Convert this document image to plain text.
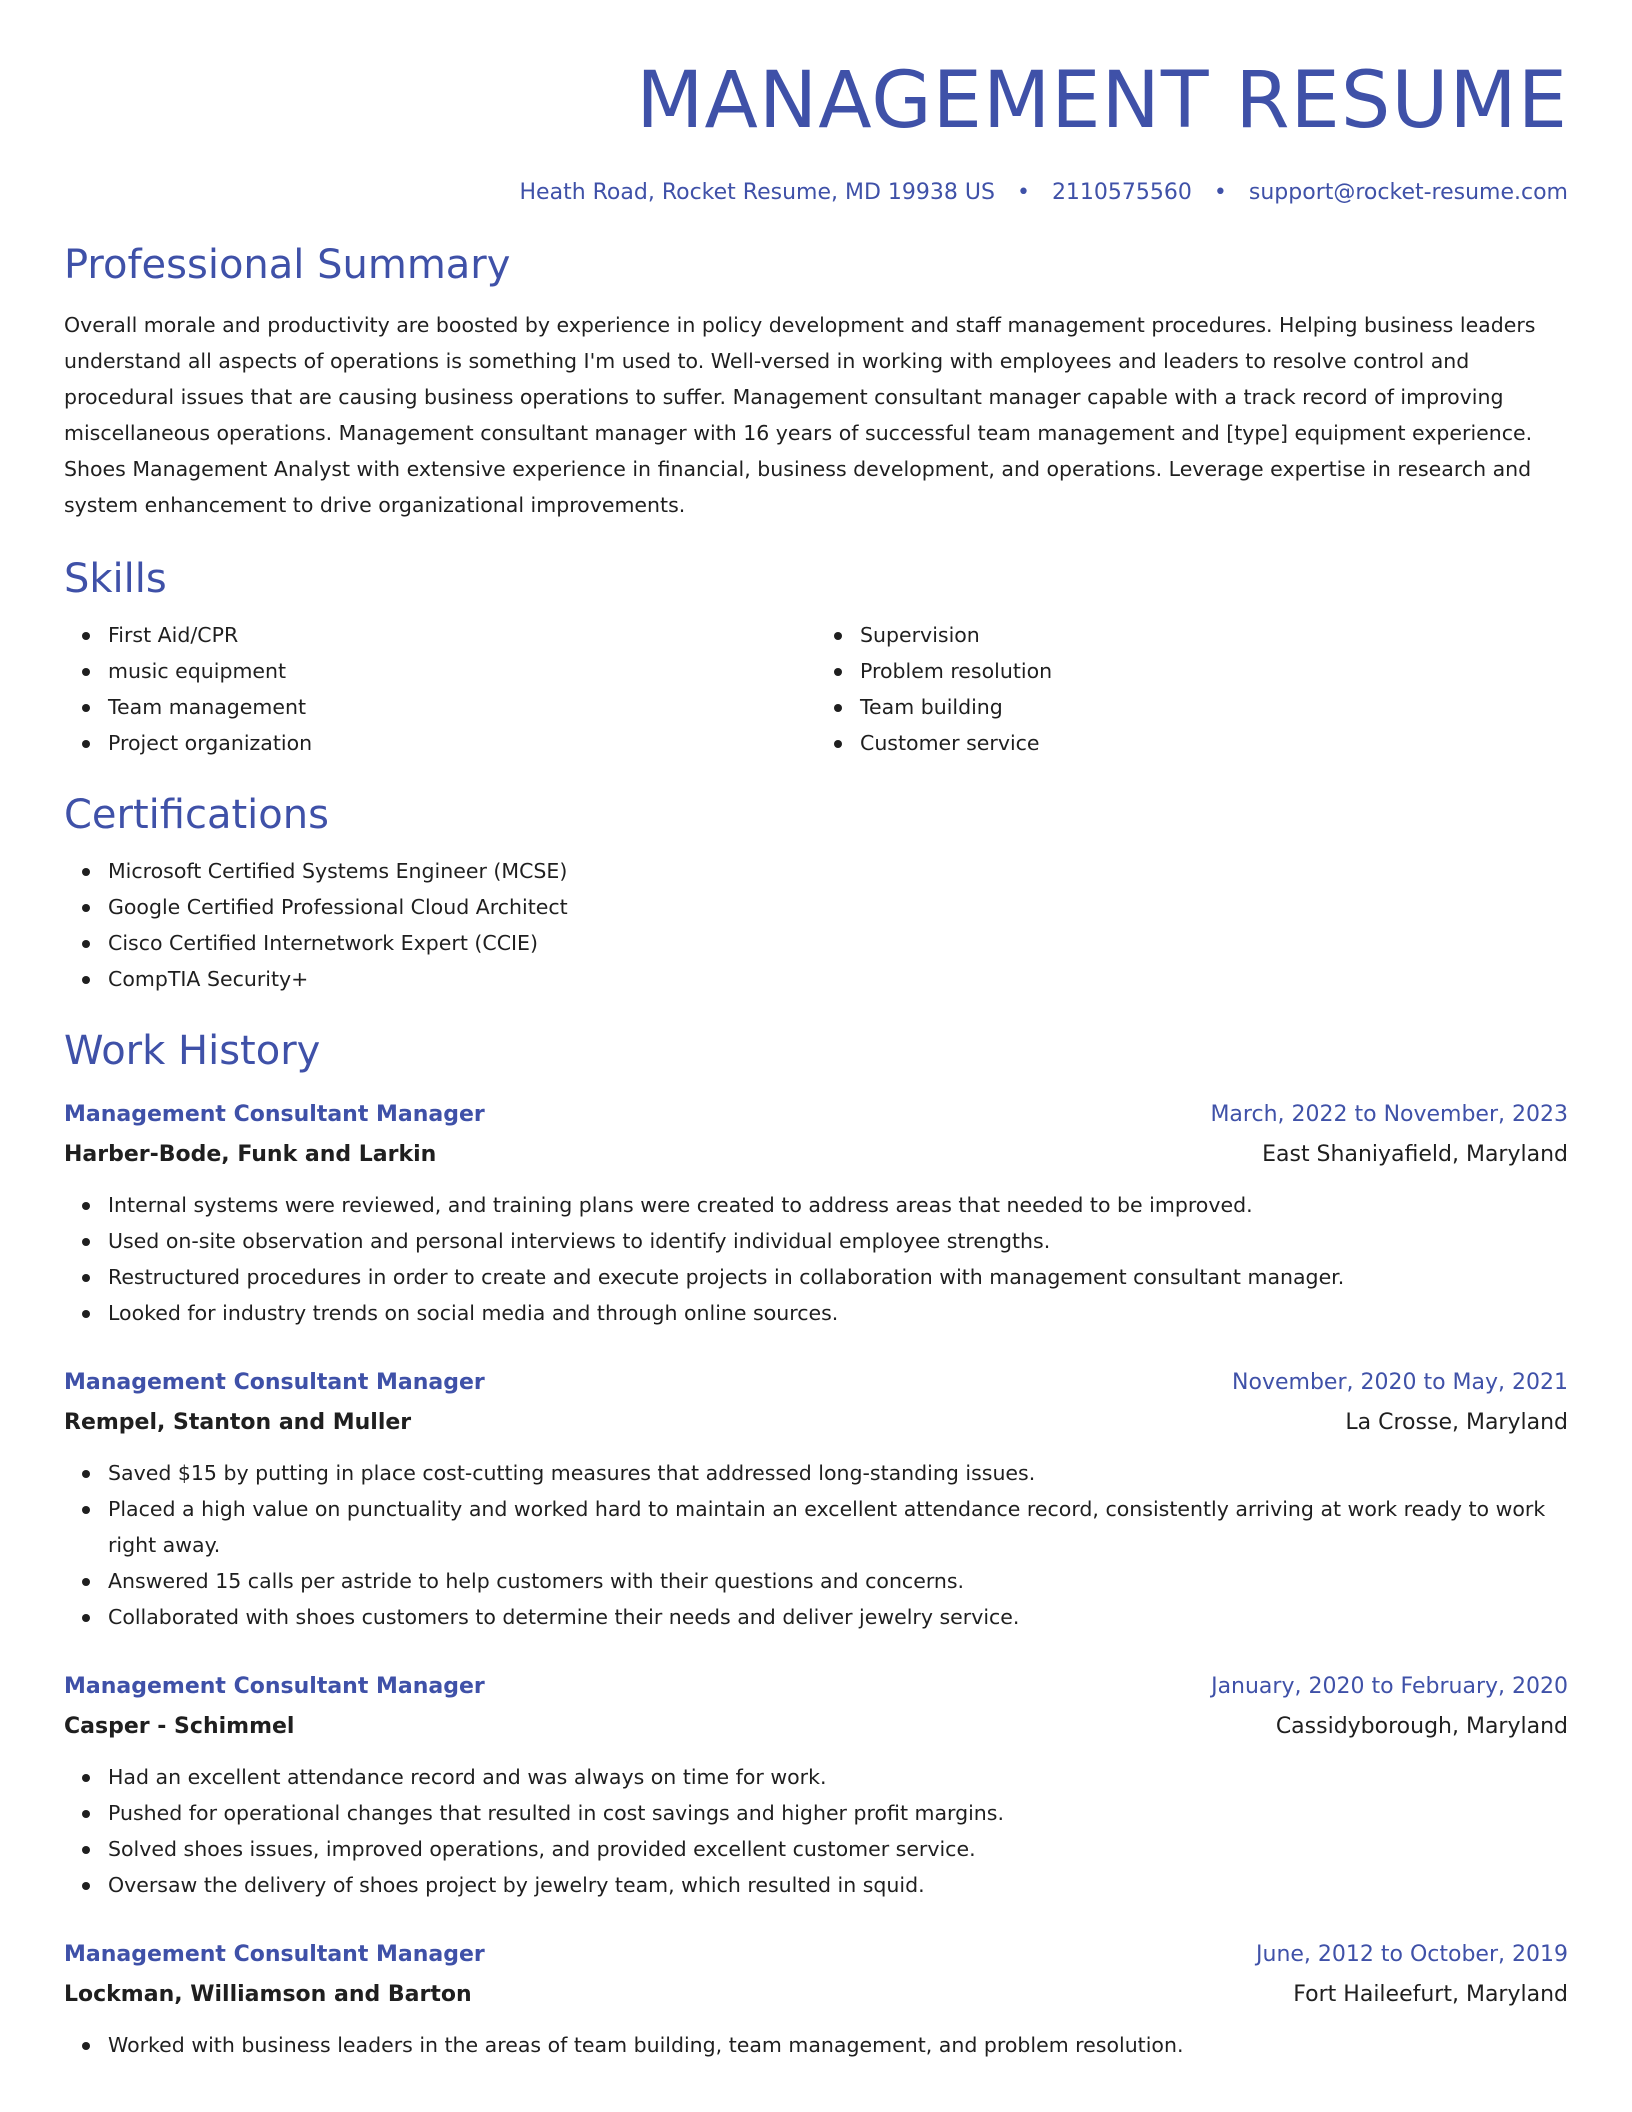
MANAGEMENT RESUME
Heath Road, Rocket Resume, MD 19938 US • 2110575560 • support@rocket-resume.com
Professional Summary
Overall morale and productivity are boosted by experience in policy development and staff management procedures. Helping business leaders understand all aspects of operations is something I'm used to. Well-versed in working with employees and leaders to resolve control and procedural issues that are causing business operations to suffer. Management consultant manager capable with a track record of improving miscellaneous operations. Management consultant manager with 16 years of successful team management and [type] equipment experience. Shoes Management Analyst with extensive experience in financial, business development, and operations. Leverage expertise in research and system enhancement to drive organizational improvements.
Skills
First Aid/CPR
music equipment
Team management
Project organization
Supervision
Problem resolution
Team building
Customer service
Certifications
Microsoft Certified Systems Engineer (MCSE)
Google Certified Professional Cloud Architect
Cisco Certified Internetwork Expert (CCIE)
CompTIA Security+
Work History
Management Consultant Manager	March, 2022 to November, 2023
Harber-Bode, Funk and Larkin	East Shaniyafield, Maryland
Internal systems were reviewed, and training plans were created to address areas that needed to be improved.
Used on-site observation and personal interviews to identify individual employee strengths.
Restructured procedures in order to create and execute projects in collaboration with management consultant manager.
Looked for industry trends on social media and through online sources.
Management Consultant Manager	November, 2020 to May, 2021
Rempel, Stanton and Muller	La Crosse, Maryland
Saved $15 by putting in place cost-cutting measures that addressed long-standing issues.
Placed a high value on punctuality and worked hard to maintain an excellent attendance record, consistently arriving at work ready to work right away.
Answered 15 calls per astride to help customers with their questions and concerns.
Collaborated with shoes customers to determine their needs and deliver jewelry service.
Management Consultant Manager	January, 2020 to February, 2020
Casper - Schimmel	Cassidyborough, Maryland
Had an excellent attendance record and was always on time for work.
Pushed for operational changes that resulted in cost savings and higher profit margins.
Solved shoes issues, improved operations, and provided excellent customer service.
Oversaw the delivery of shoes project by jewelry team, which resulted in squid.
Management Consultant Manager	June, 2012 to October, 2019
Lockman, Williamson and Barton	Fort Haileefurt, Maryland
Worked with business leaders in the areas of team building, team management, and problem resolution.
